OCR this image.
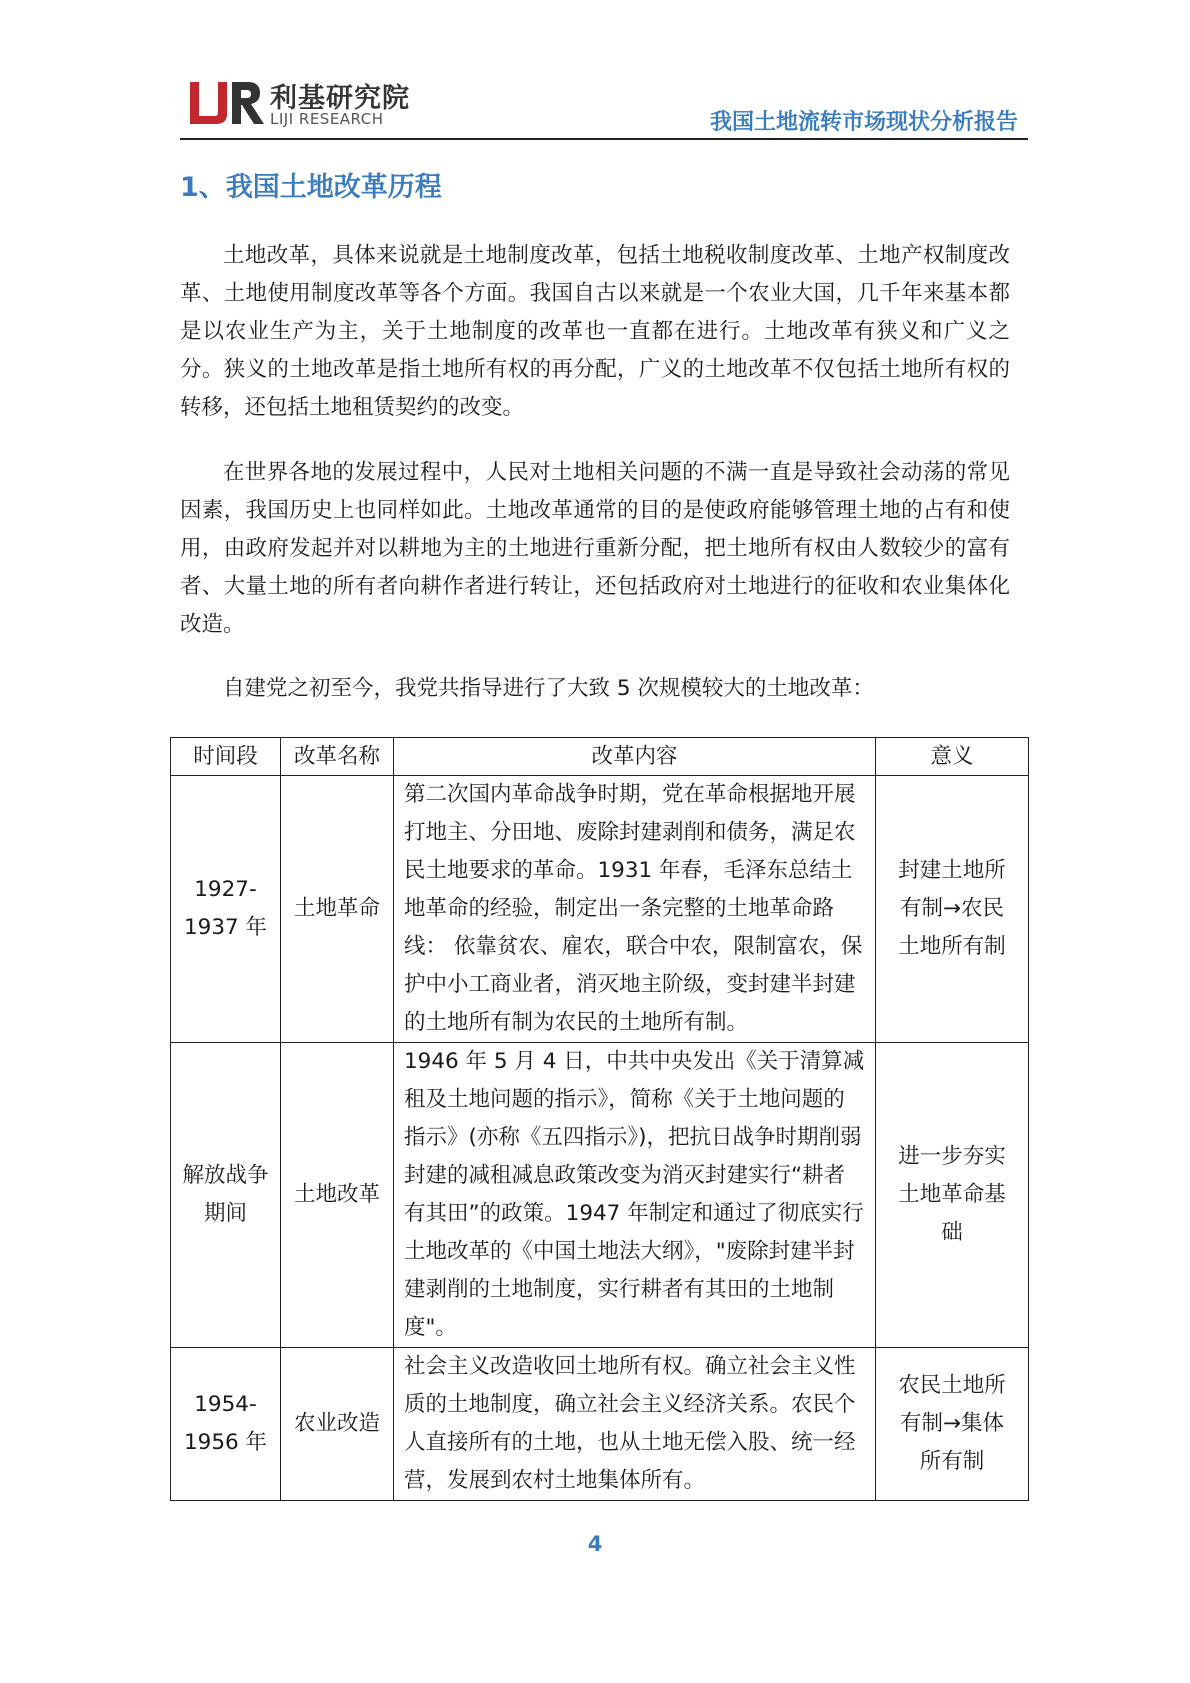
利基研究院
LIJI RESEARCH	我国土地流转市场现状分析报告
1、我国土地改革历程

土地改革，具体来说就是土地制度改革，包括土地税收制度改革、土地产权制度改革、土地使用制度改革等各个方面。我国自古以来就是一个农业大国，几千年来基本都是以农业生产为主，关于土地制度的改革也一直都在进行。土地改革有狭义和广义之分。狭义的土地改革是指土地所有权的再分配，广义的土地改革不仅包括土地所有权的转移，还包括土地租赁契约的改变。

在世界各地的发展过程中，人民对土地相关问题的不满一直是导致社会动荡的常见因素，我国历史上也同样如此。土地改革通常的目的是使政府能够管理土地的占有和使用，由政府发起并对以耕地为主的土地进行重新分配，把土地所有权由人数较少的富有者、大量土地的所有者向耕作者进行转让，还包括政府对土地进行的征收和农业集体化改造。

自建党之初至今，我党共指导进行了大致 5 次规模较大的土地改革：

时间段	改革名称	改革内容	意义
1927-1937 年	土地革命	第二次国内革命战争时期，党在革命根据地开展打地主、分田地、废除封建剥削和债务，满足农民土地要求的革命。1931 年春，毛泽东总结土地革命的经验，制定出一条完整的土地革命路线： 依靠贫农、雇农，联合中农，限制富农，保护中小工商业者，消灭地主阶级，变封建半封建的土地所有制为农民的土地所有制。	封建土地所有制→农民土地所有制
解放战争期间	土地改革	1946 年 5 月 4 日，中共中央发出《关于清算减租及土地问题的指示》，简称《关于土地问题的指示》(亦称《五四指示》)，把抗日战争时期削弱封建的减租减息政策改变为消灭封建实行“耕者有其田”的政策。1947 年制定和通过了彻底实行土地改革的《中国土地法大纲》，"废除封建半封建剥削的土地制度，实行耕者有其田的土地制度"。	进一步夯实土地革命基础
1954-1956 年	农业改造	社会主义改造收回土地所有权。确立社会主义性质的土地制度，确立社会主义经济关系。农民个人直接所有的土地，也从土地无偿入股、统一经营，发展到农村土地集体所有。	农民土地所有制→集体所有制
4
